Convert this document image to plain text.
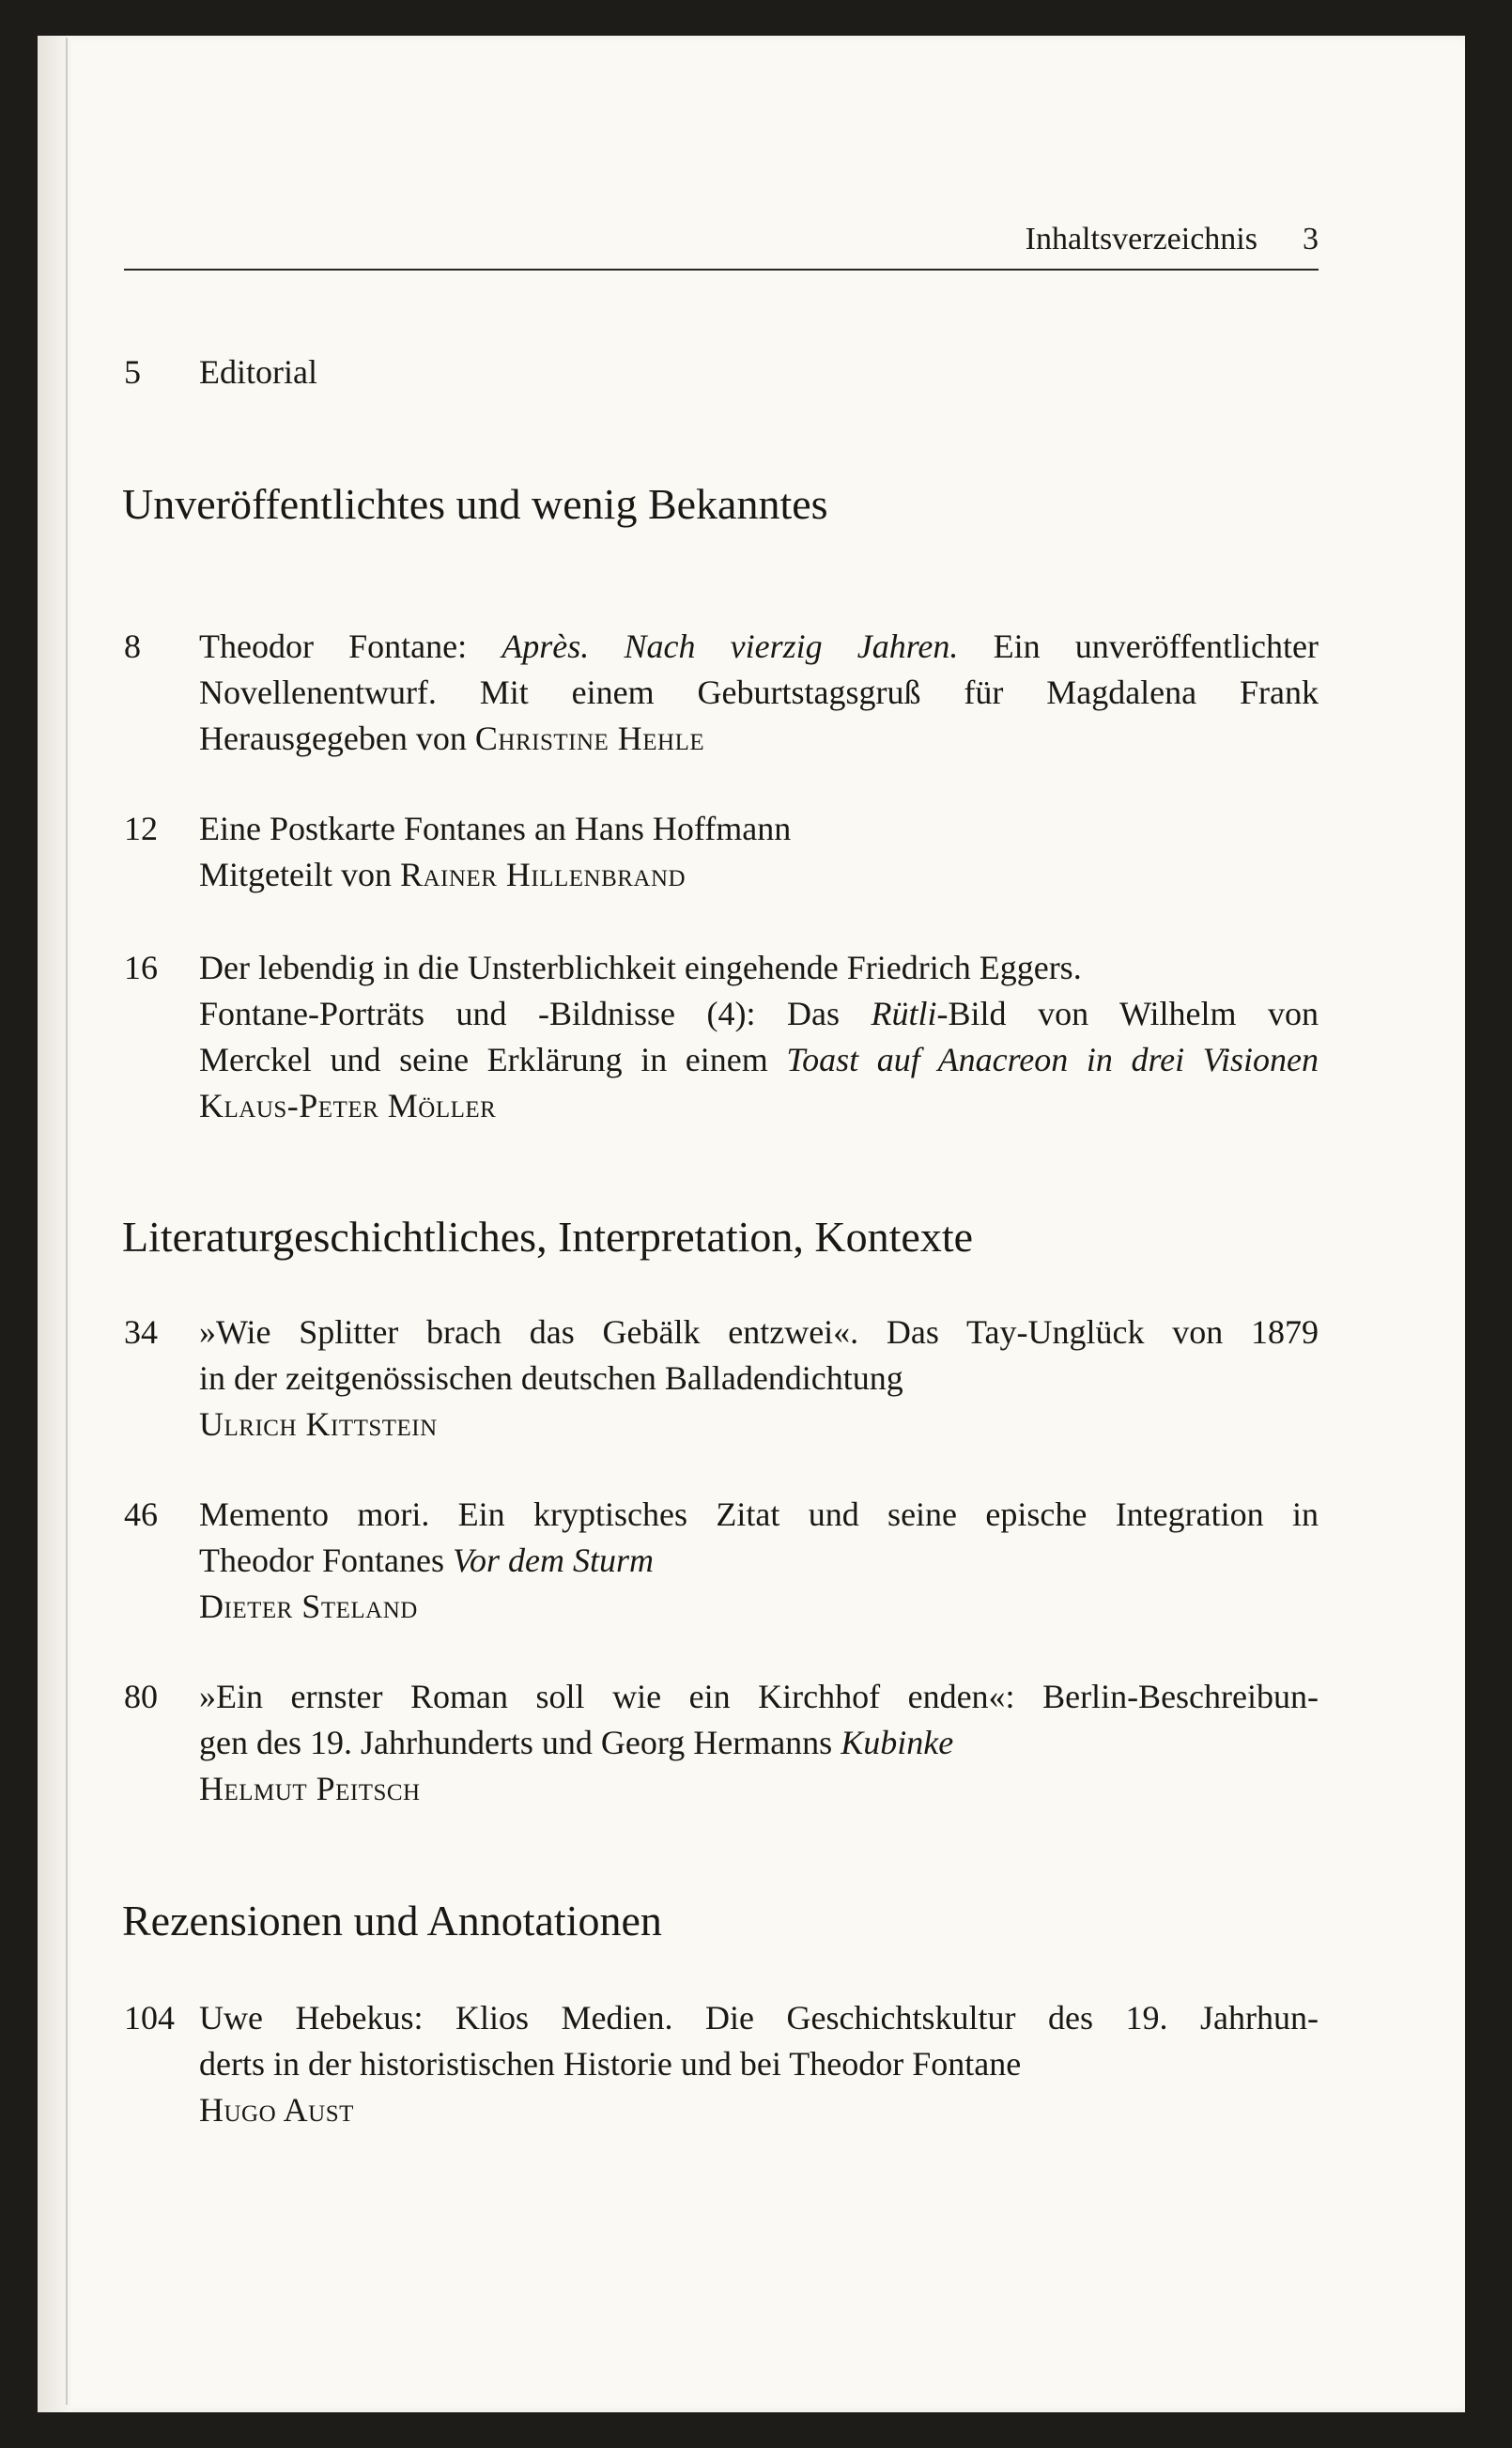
Inhaltsverzeichnis 3
5	Editorial
Unveröffentlichtes und wenig Bekanntes
8	Theodor Fontane: Après. Nach vierzig Jahren. Ein unveröffentlichter
Novellenentwurf. Mit einem Geburtstagsgruß für Magdalena Frank
Herausgegeben von Christine Hehle
12	Eine Postkarte Fontanes an Hans Hoffmann
Mitgeteilt von Rainer Hillenbrand
16	Der lebendig in die Unsterblichkeit eingehende Friedrich Eggers.
Fontane-Porträts und -Bildnisse (4): Das Rütli-Bild von Wilhelm von
Merckel und seine Erklärung in einem Toast auf Anacreon in drei Visionen
Klaus-Peter Möller
Literaturgeschichtliches, Interpretation, Kontexte
34	»Wie Splitter brach das Gebälk entzwei«. Das Tay-Unglück von 1879
in der zeitgenössischen deutschen Balladendichtung
Ulrich Kittstein
46	Memento mori. Ein kryptisches Zitat und seine epische Integration in
Theodor Fontanes Vor dem Sturm
Dieter Steland
80	»Ein ernster Roman soll wie ein Kirchhof enden«: Berlin-Beschreibun-
gen des 19. Jahrhunderts und Georg Hermanns Kubinke
Helmut Peitsch
Rezensionen und Annotationen
104 Uwe Hebekus: Klios Medien. Die Geschichtskultur des 19. Jahrhun-
derts in der historistischen Historie und bei Theodor Fontane
Hugo Aust
